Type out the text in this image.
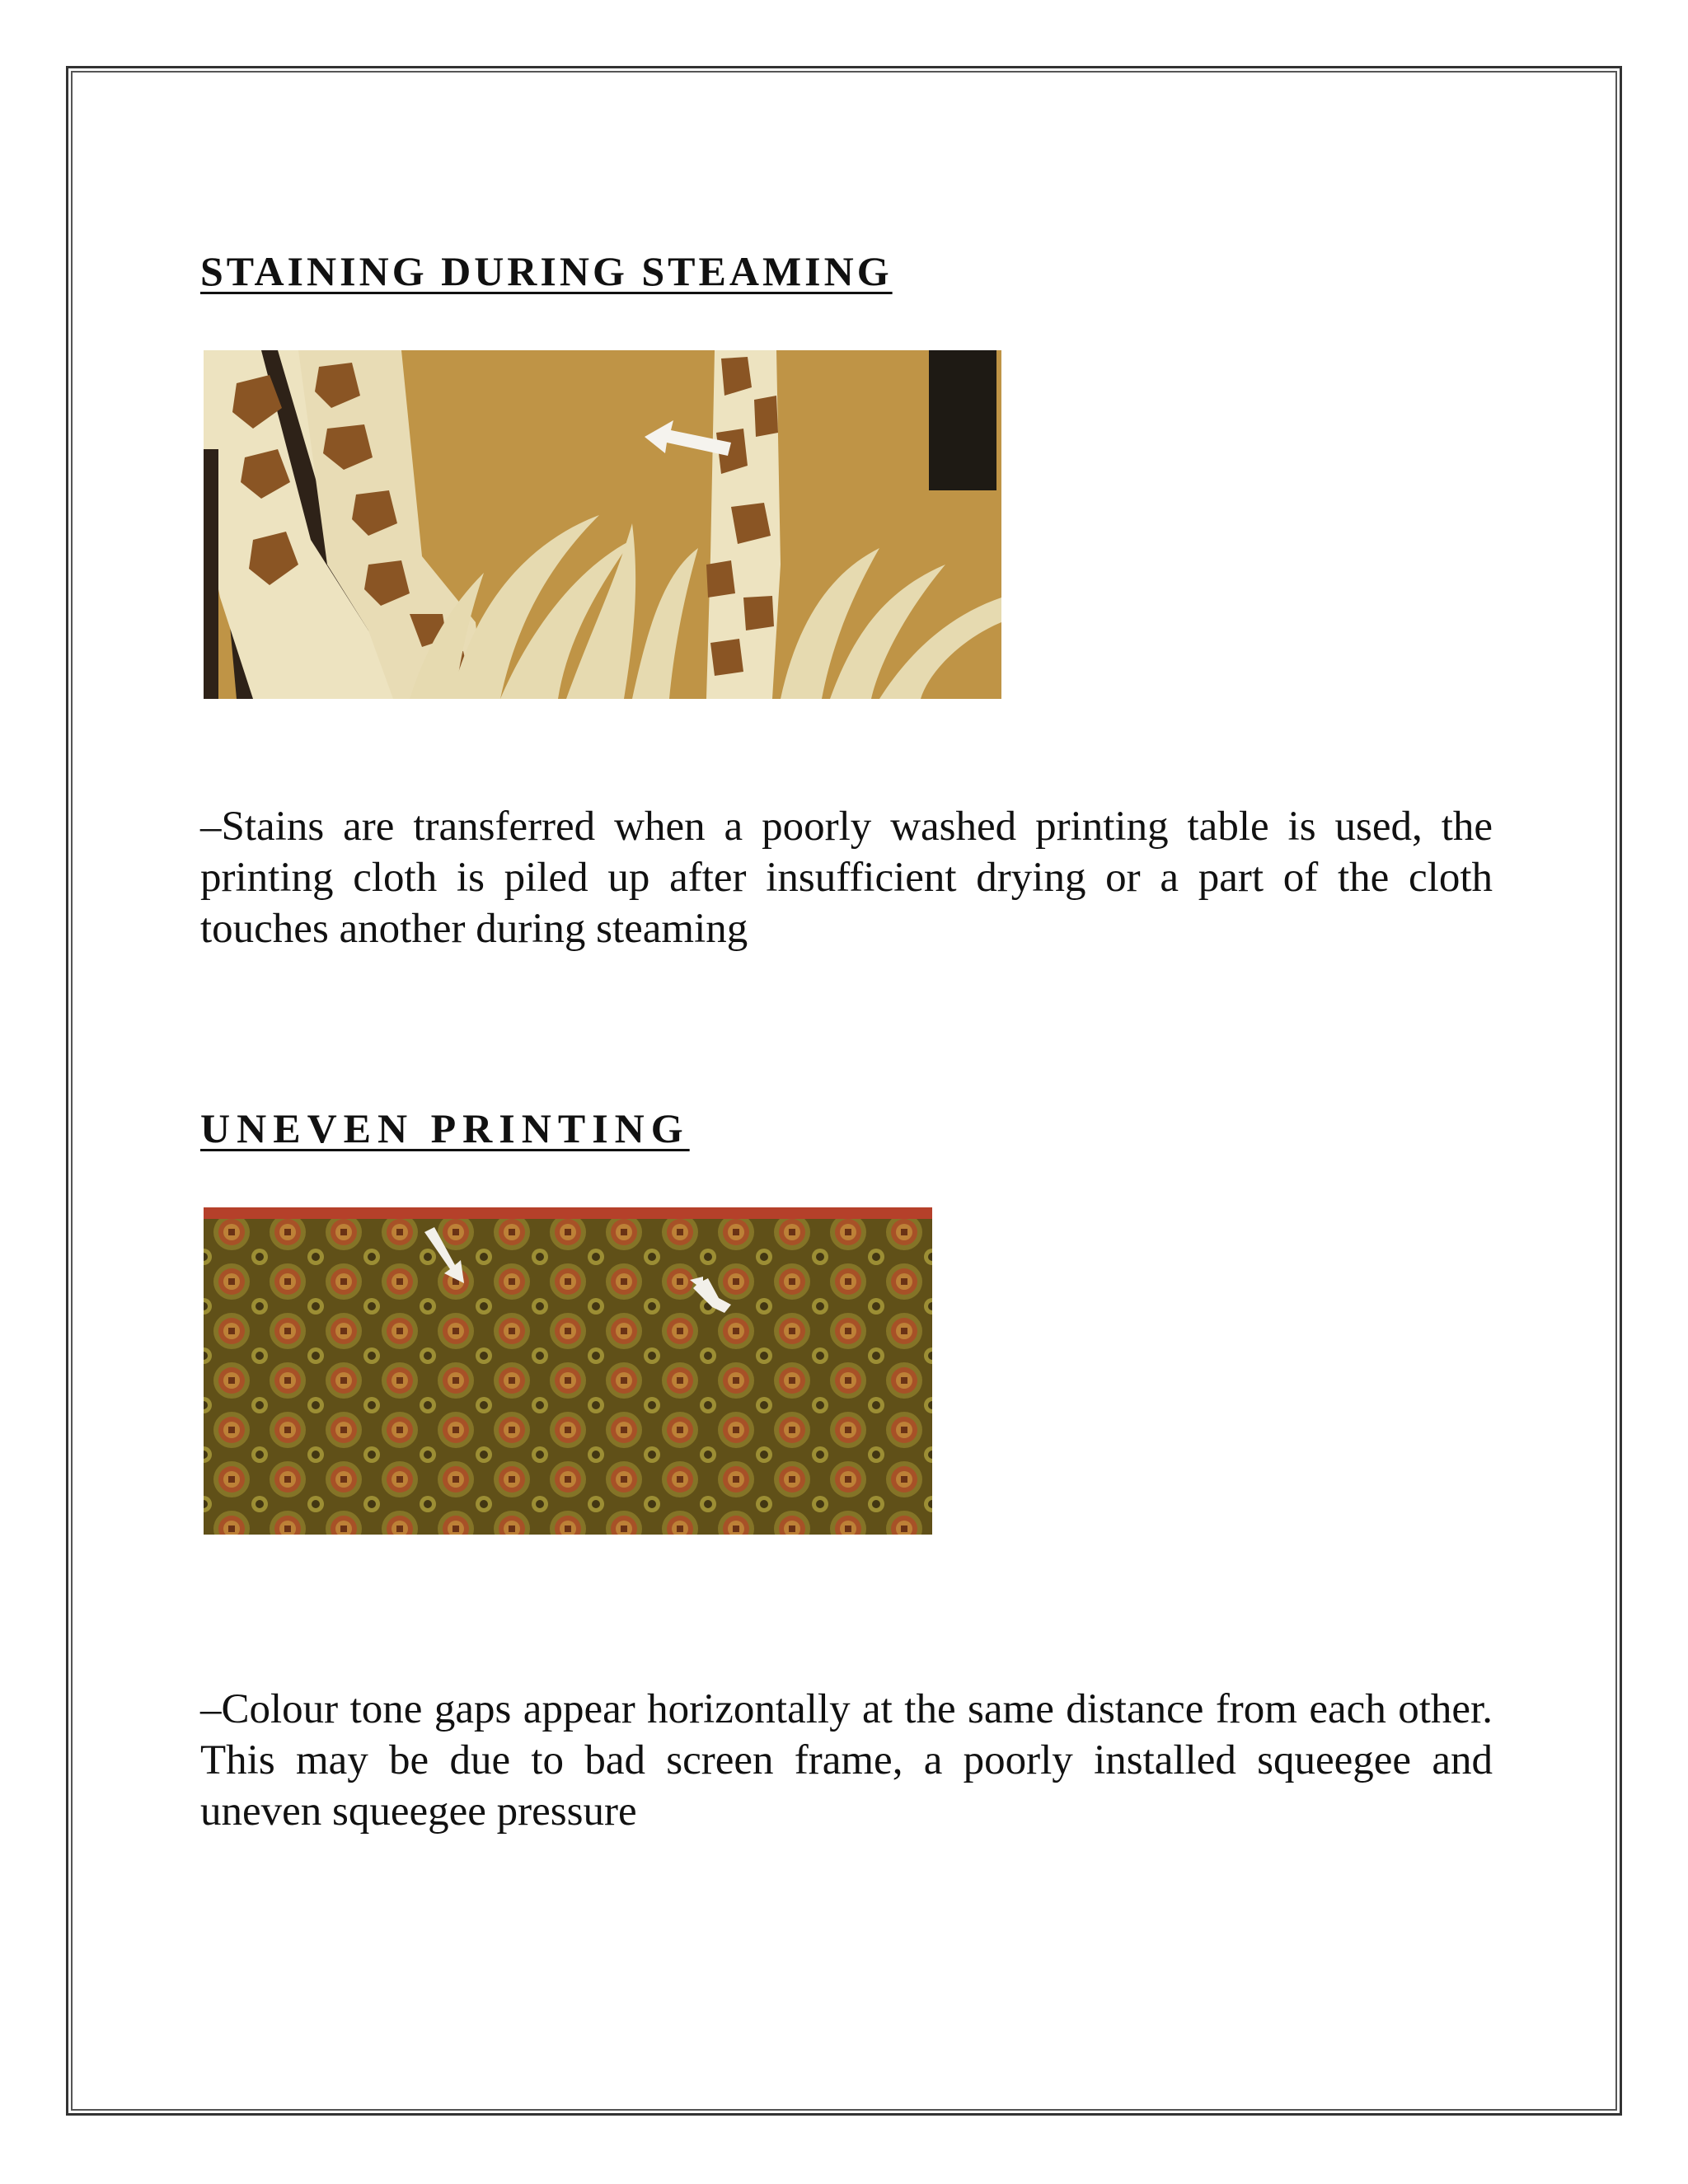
STAINING DURING STEAMING
–Stains are transferred when a poorly washed printing table is used, the printing cloth is piled up after insufficient drying or a part of the cloth touches another during steaming
UNEVEN PRINTING
–Colour tone gaps appear horizontally at the same distance from each other. This may be due to bad screen frame, a poorly installed squeegee and uneven squeegee pressure
